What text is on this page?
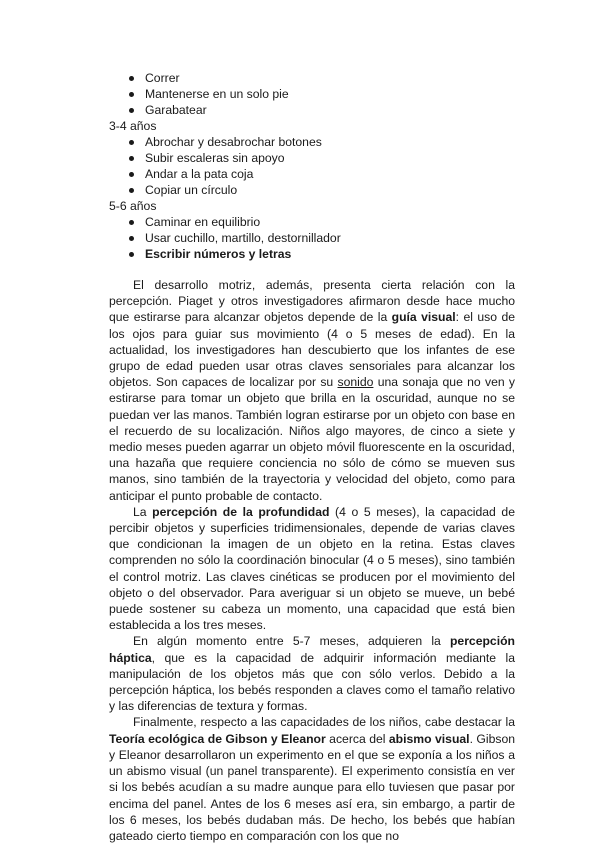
Correr
Mantenerse en un solo pie
Garabatear
3-4 años
Abrochar y desabrochar botones
Subir escaleras sin apoyo
Andar a la pata coja
Copiar un círculo
5-6 años
Caminar en equilibrio
Usar cuchillo, martillo, destornillador
Escribir números y letras

El desarrollo motriz, además, presenta cierta relación con la percepción. Piaget y otros investigadores afirmaron desde hace mucho que estirarse para alcanzar objetos depende de la guía visual: el uso de los ojos para guiar sus movimiento (4 o 5 meses de edad). En la actualidad, los investigadores han descubierto que los infantes de ese grupo de edad pueden usar otras claves sensoriales para alcanzar los objetos. Son capaces de localizar por su sonido una sonaja que no ven y estirarse para tomar un objeto que brilla en la oscuridad, aunque no se puedan ver las manos. También logran estirarse por un objeto con base en el recuerdo de su localización. Niños algo mayores, de cinco a siete y medio meses pueden agarrar un objeto móvil fluorescente en la oscuridad, una hazaña que requiere conciencia no sólo de cómo se mueven sus manos, sino también de la trayectoria y velocidad del objeto, como para anticipar el punto probable de contacto.

La percepción de la profundidad (4 o 5 meses), la capacidad de percibir objetos y superficies tridimensionales, depende de varias claves que condicionan la imagen de un objeto en la retina. Estas claves comprenden no sólo la coordinación binocular (4 o 5 meses), sino también el control motriz. Las claves cinéticas se producen por el movimiento del objeto o del observador. Para averiguar si un objeto se mueve, un bebé puede sostener su cabeza un momento, una capacidad que está bien establecida a los tres meses.

En algún momento entre 5-7 meses, adquieren la percepción háptica, que es la capacidad de adquirir información mediante la manipulación de los objetos más que con sólo verlos. Debido a la percepción háptica, los bebés responden a claves como el tamaño relativo y las diferencias de textura y formas.

Finalmente, respecto a las capacidades de los niños, cabe destacar la Teoría ecológica de Gibson y Eleanor acerca del abismo visual. Gibson y Eleanor desarrollaron un experimento en el que se exponía a los niños a un abismo visual (un panel transparente). El experimento consistía en ver si los bebés acudían a su madre aunque para ello tuviesen que pasar por encima del panel. Antes de los 6 meses así era, sin embargo, a partir de los 6 meses, los bebés dudaban más. De hecho, los bebés que habían gateado cierto tiempo en comparación con los que no
